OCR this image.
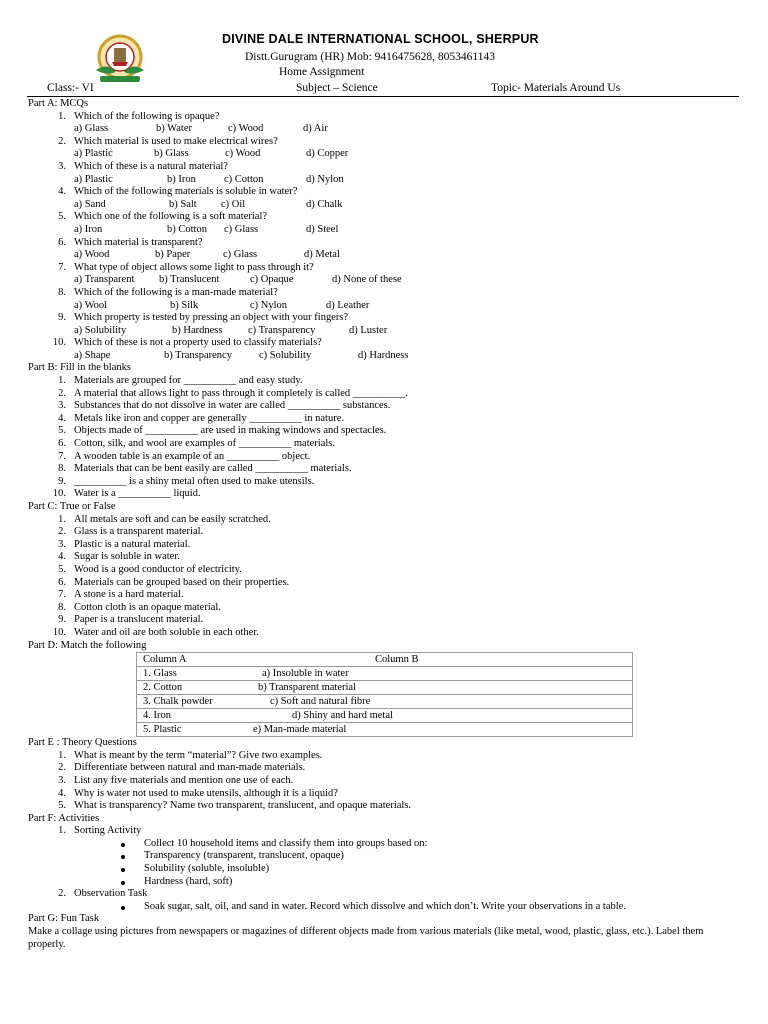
DIVINE DALE INTERNATIONAL SCHOOL, SHERPUR
Distt.Gurugram (HR) Mob: 9416475628, 8053461143
Home Assignment
Class:- VI	Subject – Science	Topic- Materials Around Us
Part A: MCQs
1. Which of the following is opaque?
a) Glass	b) Water	c) Wood	d) Air
2. Which material is used to make electrical wires?
a) Plastic	b) Glass	c) Wood	d) Copper
3. Which of these is a natural material?
a) Plastic	b) Iron	c) Cotton	d) Nylon
4. Which of the following materials is soluble in water?
a) Sand	b) Salt c) Oil	d) Chalk
5. Which one of the following is a soft material?
a) Iron	b) Cotton c) Glass	d) Steel
6. Which material is transparent?
a) Wood	b) Paper	c) Glass	d) Metal
7. What type of object allows some light to pass through it?
a) Transparent b) Translucent	c) Opaque	d) None of these
8. Which of the following is a man-made material?
a) Wool	b) Silk	c) Nylon	d) Leather
9. Which property is tested by pressing an object with your fingers?
a) Solubility	b) Hardness c) Transparency	d) Luster
10. Which of these is not a property used to classify materials?
a) Shape	b) Transparency	c) Solubility	d) Hardness
Part B: Fill in the blanks
1. Materials are grouped for __________ and easy study.
2. A material that allows light to pass through it completely is called __________.
3. Substances that do not dissolve in water are called __________ substances.
4. Metals like iron and copper are generally __________ in nature.
5. Objects made of __________ are used in making windows and spectacles.
6. Cotton, silk, and wool are examples of __________ materials.
7. A wooden table is an example of an __________ object.
8. Materials that can be bent easily are called __________ materials.
9. __________ is a shiny metal often used to make utensils.
10. Water is a __________ liquid.
Part C: True or False
1. All metals are soft and can be easily scratched.
2. Glass is a transparent material.
3. Plastic is a natural material.
4. Sugar is soluble in water.
5. Wood is a good conductor of electricity.
6. Materials can be grouped based on their properties.
7. A stone is a hard material.
8. Cotton cloth is an opaque material.
9. Paper is a translucent material.
10. Water and oil are both soluble in each other.
Part D: Match the following
Column A	Column B

1. Glass	a) Insoluble in water

2. Cotton	b) Transparent material

3. Chalk powder	c) Soft and natural fibre

4. Iron	d) Shiny and hard metal

5. Plastic	e) Man-made material
Part E : Theory Questions
1. What is meant by the term “material”? Give two examples.
2. Differentiate between natural and man-made materials.
3. List any five materials and mention one use of each.
4. Why is water not used to make utensils, although it is a liquid?
5. What is transparency? Name two transparent, translucent, and opaque materials.
Part F: Activities
1. Sorting Activity
Collect 10 household items and classify them into groups based on:
Transparency (transparent, translucent, opaque)
Solubility (soluble, insoluble)
Hardness (hard, soft)
2. Observation Task
Soak sugar, salt, oil, and sand in water. Record which dissolve and which don’t. Write your observations in a table.
Part G: Fun Task

Make a collage using pictures from newspapers or magazines of different objects made from various materials (like metal, wood, plastic, glass, etc.). Label them properly.
